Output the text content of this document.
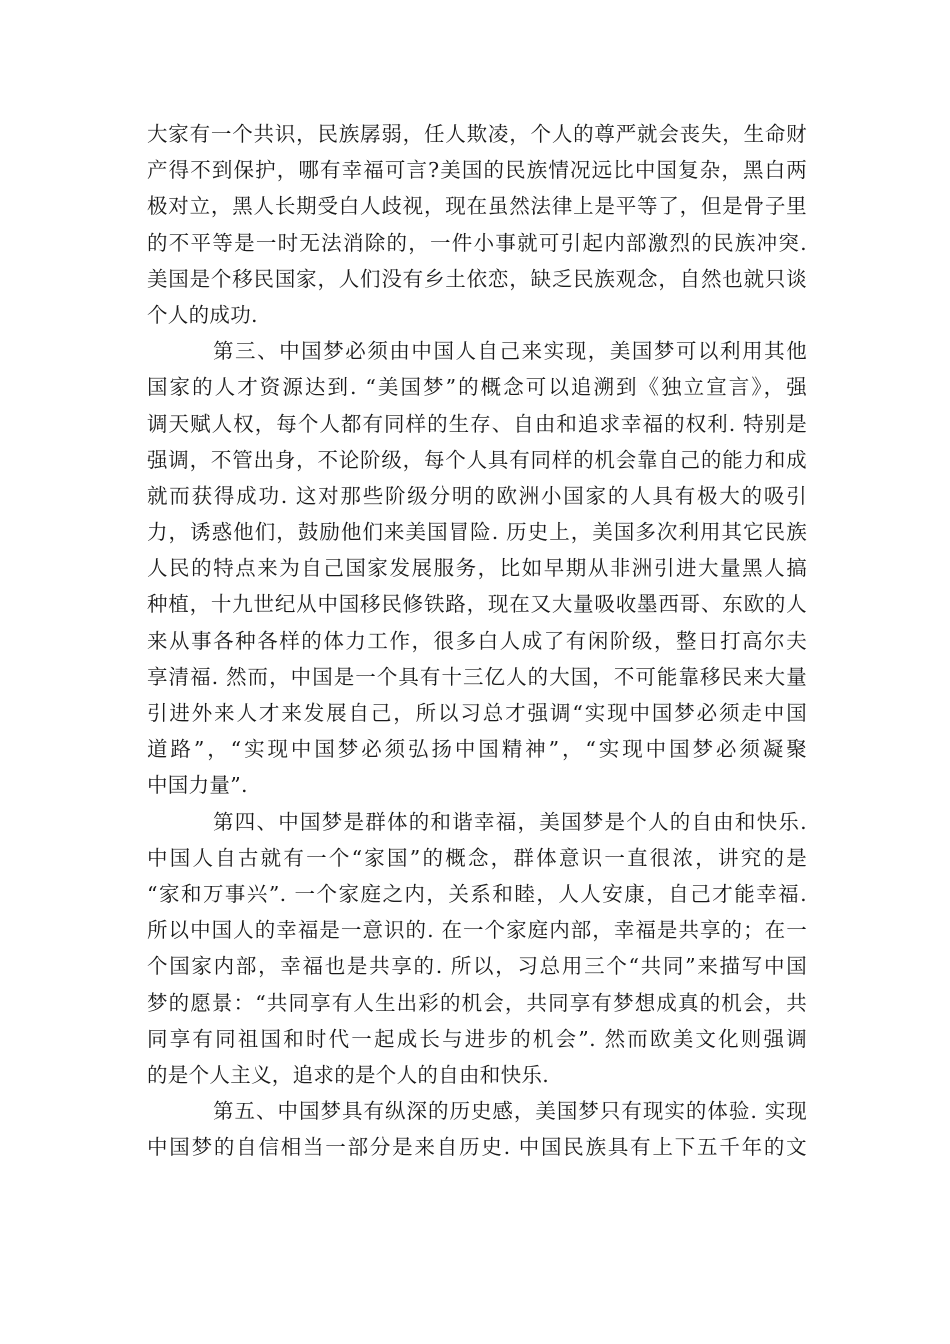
大家有一个共识，民族孱弱，任人欺凌，个人的尊严就会丧失，生命财
产得不到保护，哪有幸福可言?美国的民族情况远比中国复杂，黑白两
极对立，黑人长期受白人歧视，现在虽然法律上是平等了，但是骨子里
的不平等是一时无法消除的，一件小事就可引起内部激烈的民族冲突.
美国是个移民国家，人们没有乡土依恋，缺乏民族观念，自然也就只谈
个人的成功.
第三、中国梦必须由中国人自己来实现，美国梦可以利用其他
国家的人才资源达到. “美国梦”的概念可以追溯到《独立宣言》，强
调天赋人权，每个人都有同样的生存、自由和追求幸福的权利. 特别是
强调，不管出身，不论阶级，每个人具有同样的机会靠自己的能力和成
就而获得成功. 这对那些阶级分明的欧洲小国家的人具有极大的吸引
力，诱惑他们，鼓励他们来美国冒险. 历史上，美国多次利用其它民族
人民的特点来为自己国家发展服务，比如早期从非洲引进大量黑人搞
种植，十九世纪从中国移民修铁路，现在又大量吸收墨西哥、东欧的人
来从事各种各样的体力工作，很多白人成了有闲阶级，整日打高尔夫
享清福. 然而，中国是一个具有十三亿人的大国，不可能靠移民来大量
引进外来人才来发展自己，所以习总才强调“实现中国梦必须走中国
道路”，“实现中国梦必须弘扬中国精神”，“实现中国梦必须凝聚
中国力量”.
第四、中国梦是群体的和谐幸福，美国梦是个人的自由和快乐.
中国人自古就有一个“家国”的概念，群体意识一直很浓，讲究的是
“家和万事兴”. 一个家庭之内，关系和睦，人人安康，自己才能幸福.
所以中国人的幸福是一意识的. 在一个家庭内部，幸福是共享的；在一
个国家内部，幸福也是共享的. 所以，习总用三个“共同”来描写中国
梦的愿景：“共同享有人生出彩的机会，共同享有梦想成真的机会，共
同享有同祖国和时代一起成长与进步的机会”. 然而欧美文化则强调
的是个人主义，追求的是个人的自由和快乐.
第五、中国梦具有纵深的历史感，美国梦只有现实的体验. 实现
中国梦的自信相当一部分是来自历史. 中国民族具有上下五千年的文
